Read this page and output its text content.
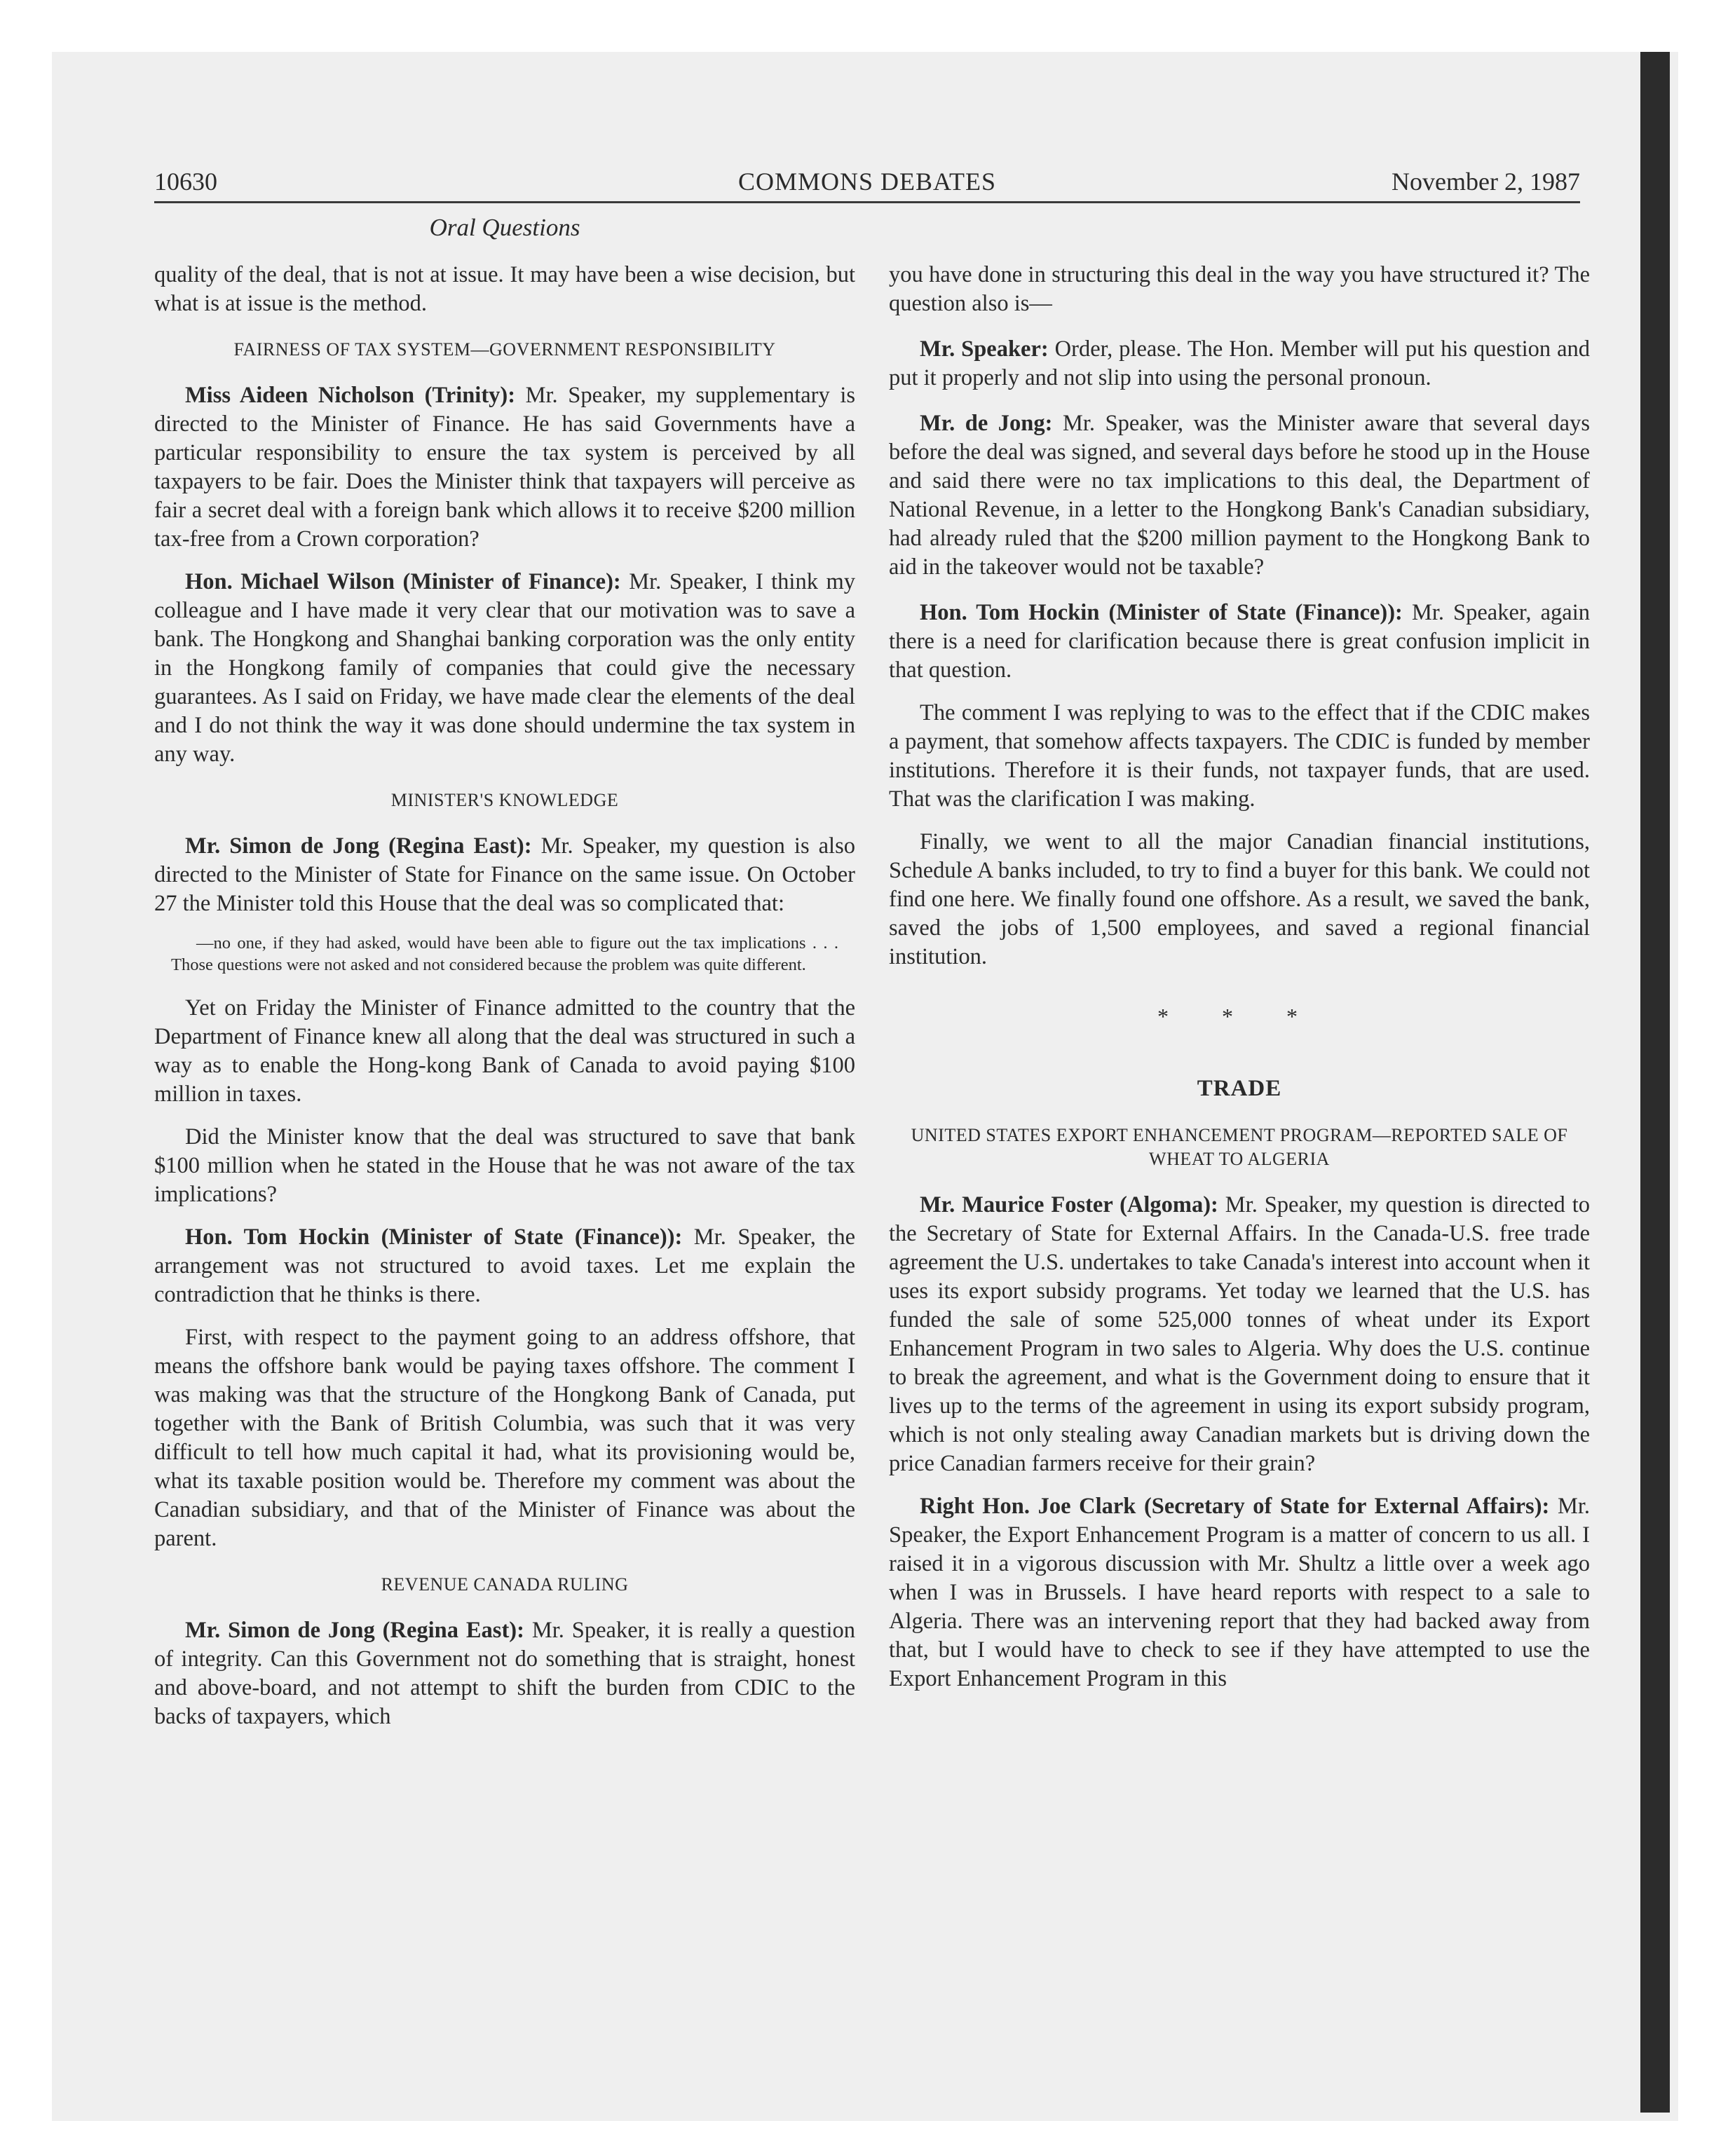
10630	COMMONS DEBATES	November 2, 1987
Oral Questions

quality of the deal, that is not at issue. It may have been a wise decision, but what is at issue is the method.

FAIRNESS OF TAX SYSTEM—GOVERNMENT RESPONSIBILITY

Miss Aideen Nicholson (Trinity): Mr. Speaker, my supplementary is directed to the Minister of Finance. He has said Governments have a particular responsibility to ensure the tax system is perceived by all taxpayers to be fair. Does the Minister think that taxpayers will perceive as fair a secret deal with a foreign bank which allows it to receive $200 million tax-free from a Crown corporation?

Hon. Michael Wilson (Minister of Finance): Mr. Speaker, I think my colleague and I have made it very clear that our motivation was to save a bank. The Hongkong and Shanghai banking corporation was the only entity in the Hongkong family of companies that could give the necessary guarantees. As I said on Friday, we have made clear the elements of the deal and I do not think the way it was done should undermine the tax system in any way.

MINISTER'S KNOWLEDGE

Mr. Simon de Jong (Regina East): Mr. Speaker, my question is also directed to the Minister of State for Finance on the same issue. On October 27 the Minister told this House that the deal was so complicated that:

—no one, if they had asked, would have been able to figure out the tax implications . . . Those questions were not asked and not considered because the problem was quite different.

Yet on Friday the Minister of Finance admitted to the country that the Department of Finance knew all along that the deal was structured in such a way as to enable the Hong-kong Bank of Canada to avoid paying $100 million in taxes.

Did the Minister know that the deal was structured to save that bank $100 million when he stated in the House that he was not aware of the tax implications?

Hon. Tom Hockin (Minister of State (Finance)): Mr. Speaker, the arrangement was not structured to avoid taxes. Let me explain the contradiction that he thinks is there.

First, with respect to the payment going to an address offshore, that means the offshore bank would be paying taxes offshore. The comment I was making was that the structure of the Hongkong Bank of Canada, put together with the Bank of British Columbia, was such that it was very difficult to tell how much capital it had, what its provisioning would be, what its taxable position would be. Therefore my comment was about the Canadian subsidiary, and that of the Minister of Finance was about the parent.

REVENUE CANADA RULING

Mr. Simon de Jong (Regina East): Mr. Speaker, it is really a question of integrity. Can this Government not do something that is straight, honest and above-board, and not attempt to shift the burden from CDIC to the backs of taxpayers, which

you have done in structuring this deal in the way you have structured it? The question also is—

Mr. Speaker: Order, please. The Hon. Member will put his question and put it properly and not slip into using the personal pronoun.

Mr. de Jong: Mr. Speaker, was the Minister aware that several days before the deal was signed, and several days before he stood up in the House and said there were no tax implications to this deal, the Department of National Revenue, in a letter to the Hongkong Bank's Canadian subsidiary, had already ruled that the $200 million payment to the Hongkong Bank to aid in the takeover would not be taxable?

Hon. Tom Hockin (Minister of State (Finance)): Mr. Speaker, again there is a need for clarification because there is great confusion implicit in that question.

The comment I was replying to was to the effect that if the CDIC makes a payment, that somehow affects taxpayers. The CDIC is funded by member institutions. Therefore it is their funds, not taxpayer funds, that are used. That was the clarification I was making.

Finally, we went to all the major Canadian financial institutions, Schedule A banks included, to try to find a buyer for this bank. We could not find one here. We finally found one offshore. As a result, we saved the bank, saved the jobs of 1,500 employees, and saved a regional financial institution.

* * *
TRADE
UNITED STATES EXPORT ENHANCEMENT PROGRAM—REPORTED SALE OF WHEAT TO ALGERIA

Mr. Maurice Foster (Algoma): Mr. Speaker, my question is directed to the Secretary of State for External Affairs. In the Canada-U.S. free trade agreement the U.S. undertakes to take Canada's interest into account when it uses its export subsidy programs. Yet today we learned that the U.S. has funded the sale of some 525,000 tonnes of wheat under its Export Enhancement Program in two sales to Algeria. Why does the U.S. continue to break the agreement, and what is the Government doing to ensure that it lives up to the terms of the agreement in using its export subsidy program, which is not only stealing away Canadian markets but is driving down the price Canadian farmers receive for their grain?

Right Hon. Joe Clark (Secretary of State for External Affairs): Mr. Speaker, the Export Enhancement Program is a matter of concern to us all. I raised it in a vigorous discussion with Mr. Shultz a little over a week ago when I was in Brussels. I have heard reports with respect to a sale to Algeria. There was an intervening report that they had backed away from that, but I would have to check to see if they have attempted to use the Export Enhancement Program in this
